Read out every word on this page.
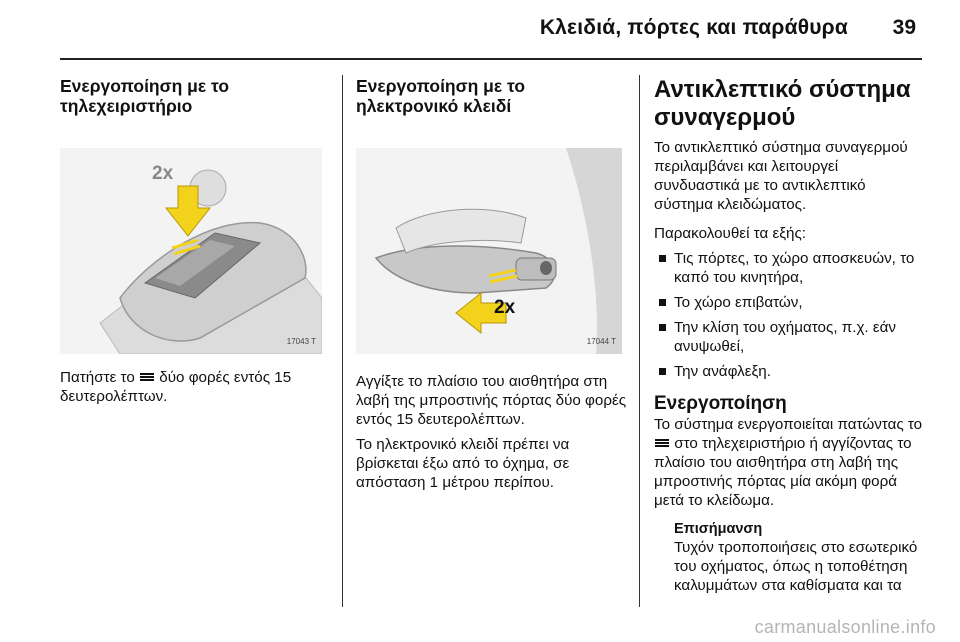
Κλειδιά, πόρτες και παράθυρα 39
Ενεργοποίηση με το τηλεχειριστήριο
2x
17043 T

Πατήστε το δύο φορές εντός 15 δευτερολέπτων.

Ενεργοποίηση με το ηλεκτρονικό κλειδί
2x
17044 T

Αγγίξτε το πλαίσιο του αισθητήρα στη λαβή της μπροστινής πόρτας δύο φορές εντός 15 δευτερολέπτων.

Το ηλεκτρονικό κλειδί πρέπει να βρίσκεται έξω από το όχημα, σε απόσταση 1 μέτρου περίπου.

Αντικλεπτικό σύστημα συναγερμού

Το αντικλεπτικό σύστημα συναγερμού περιλαμβάνει και λειτουργεί συνδυαστικά με το αντικλεπτικό σύστημα κλειδώματος.

Παρακολουθεί τα εξής:

Τις πόρτες, το χώρο αποσκευών, το καπό του κινητήρα,
Το χώρο επιβατών,
Την κλίση του οχήματος, π.χ. εάν ανυψωθεί,
Την ανάφλεξη.
Ενεργοποίηση

Το σύστημα ενεργοποιείται πατώντας το  στο τηλεχειριστήριο ή αγγίζοντας το πλαίσιο του αισθητήρα στη λαβή της μπροστινής πόρτας μία ακόμη φορά μετά το κλείδωμα.

Επισήμανση

Τυχόν τροποποιήσεις στο εσωτερικό του οχήματος, όπως η τοποθέτηση καλυμμάτων στα καθίσματα και τα

carmanualsonline.info
